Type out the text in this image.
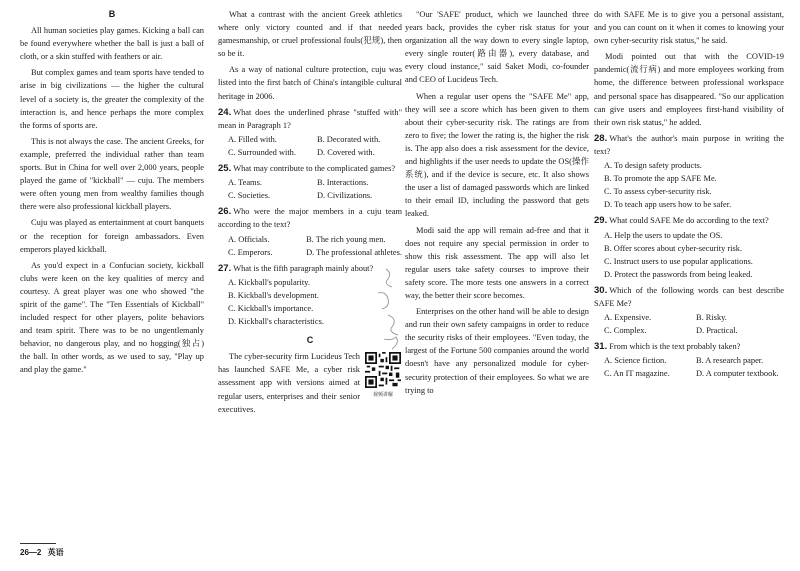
B

All human societies play games. Kicking a ball can be found everywhere whether the ball is just a ball of cloth, or a skin stuffed with feathers or air.

But complex games and team sports have tended to arise in big civilizations — the higher the cultural level of a society is, the greater the complexity of the interaction is, and hence perhaps the more complex the forms of sports are.

This is not always the case. The ancient Greeks, for example, preferred the individual rather than team sports. But in China for well over 2,000 years, people played the game of "kickball" — cuju. The members were often young men from wealthy families though there were also professional kickball players.

Cuju was played as entertainment at court banquets or the reception for foreign ambassadors. Even emperors played kickball.

As you'd expect in a Confucian society, kickball clubs were keen on the key qualities of mercy and courtesy. A great player was one who showed "the spirit of the game". The "Ten Essentials of Kickball" included respect for other players, polite behaviors and team spirit. There was to be no ungentlemanly behavior, no dangerous play, and no hogging(独占) the ball. In other words, as we used to say, "Play up and play the game."

What a contrast with the ancient Greek athletics where only victory counted and if that needed gamesmanship, or cruel professional fouls(犯规), then so be it.

As a way of national culture protection, cuju was listed into the first batch of China's intangible cultural heritage in 2006.

24. What does the underlined phrase "stuffed with" mean in Paragraph 1?
A. Filled with.	B. Decorated with.
C. Surrounded with.	D. Covered with.
25. What may contribute to the complicated games?
A. Teams.	B. Interactions.
C. Societies.	D. Civilizations.
26. Who were the major members in a cuju team according to the text?
A. Officials.	B. The rich young men.
C. Emperors.	D. The professional athletes.
27. What is the fifth paragraph mainly about?
A. Kickball's popularity.
B. Kickball's development.
C. Kickball's importance.
D. Kickball's characteristics.
C
视频讲解

The cyber-security firm Lucideus Tech has launched SAFE Me, a cyber risk assessment app with versions aimed at regular users, enterprises and their senior executives.

"Our 'SAFE' product, which we launched three years back, provides the cyber risk status for your organization all the way down to every single laptop, every single router(路由器), every database, and every cloud instance," said Saket Modi, co-founder and CEO of Lucideus Tech.

When a regular user opens the "SAFE Me" app, they will see a score which has been given to them about their cyber-security risk. The ratings are from zero to five; the lower the rating is, the higher the risk is. The app also does a risk assessment for the device, and highlights if the user needs to update the OS(操作系统), and if the device is secure, etc. It also shows the user a list of damaged passwords which are linked to their email ID, including the password that gets leaked.

Modi said the app will remain ad-free and that it does not require any special permission in order to show this risk assessment. The app will also let regular users take safety courses to improve their safety score. The more tests one answers in a correct way, the better their score becomes.

Enterprises on the other hand will be able to design and run their own safety campaigns in order to reduce the security risks of their employees. "Even today, the largest of the Fortune 500 companies around the world doesn't have any personalized module for cyber-security protection of their employees. So what we are trying to

do with SAFE Me is to give you a personal assistant, and you can count on it when it comes to knowing your own cyber-security risk status," he said.

Modi pointed out that with the COVID-19 pandemic(流行病) and more employees working from home, the difference between professional workspace and personal space has disappeared. "So our application can give users and employees first-hand visibility of their own risk status," he added.

28. What's the author's main purpose in writing the text?
A. To design safety products.
B. To promote the app SAFE Me.
C. To assess cyber-security risk.
D. To teach app users how to be safer.
29. What could SAFE Me do according to the text?
A. Help the users to update the OS.
B. Offer scores about cyber-security risk.
C. Instruct users to use popular applications.
D. Protect the passwords from being leaked.
30. Which of the following words can best describe SAFE Me?
A. Expensive.	B. Risky.
C. Complex.	D. Practical.
31. From which is the text probably taken?
A. Science fiction.	B. A research paper.
C. An IT magazine.	D. A computer textbook.
26—2 英语
